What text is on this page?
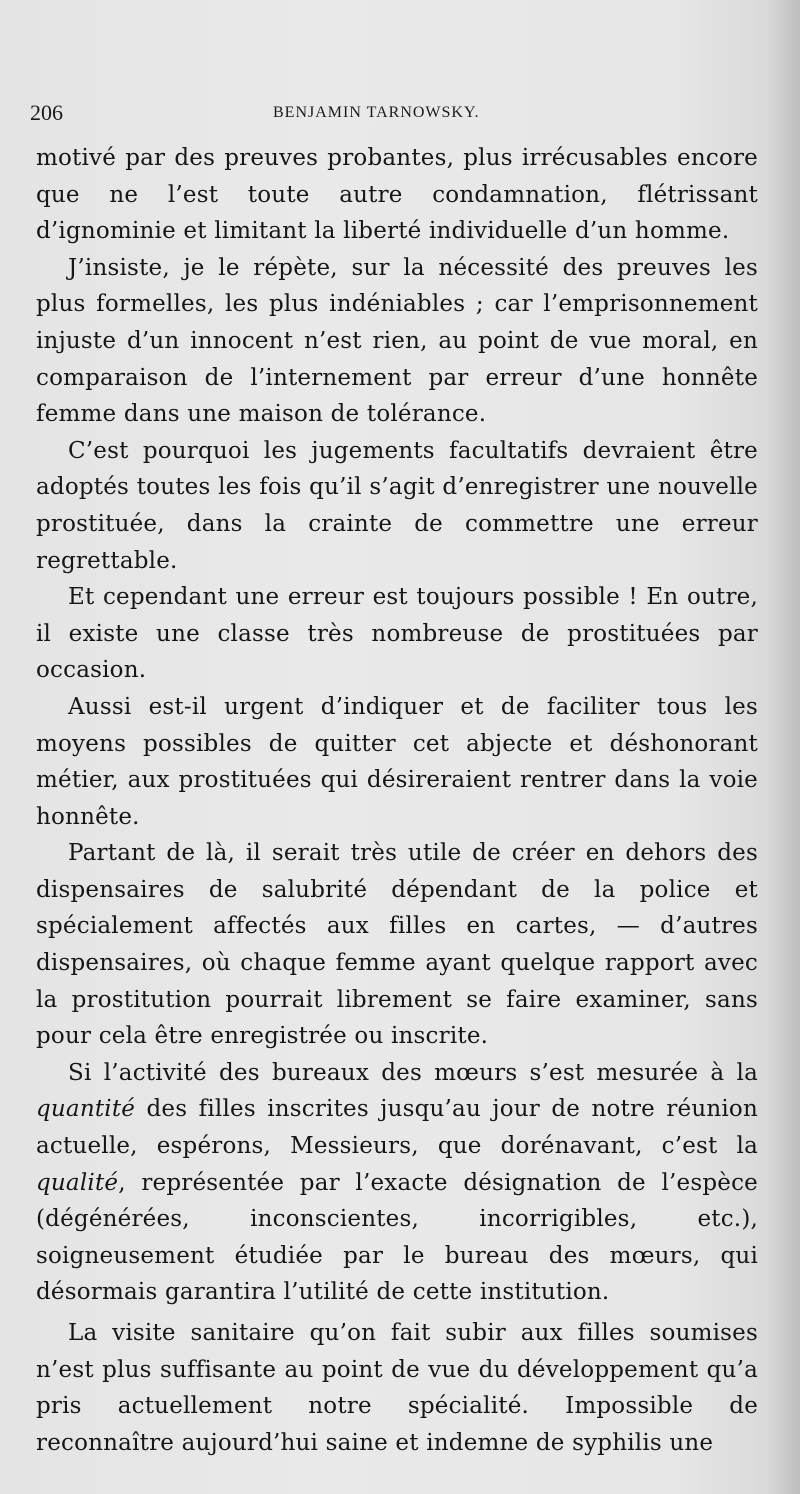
206	BENJAMIN TARNOWSKY.

motivé par des preuves probantes, plus irrécusables encore que ne l’est toute autre condamnation, flétrissant d’ignominie et limitant la liberté individuelle d’un homme.

J’insiste, je le répète, sur la nécessité des preuves les plus formelles, les plus indéniables ; car l’emprisonnement injuste d’un innocent n’est rien, au point de vue moral, en comparaison de l’internement par erreur d’une honnête femme dans une maison de tolérance.

C’est pourquoi les jugements facultatifs devraient être adoptés toutes les fois qu’il s’agit d’enregistrer une nouvelle prostituée, dans la crainte de commettre une erreur regrettable.

Et cependant une erreur est toujours possible ! En outre, il existe une classe très nombreuse de prostituées par occasion.

Aussi est-il urgent d’indiquer et de faciliter tous les moyens possibles de quitter cet abjecte et déshonorant métier, aux prostituées qui désireraient rentrer dans la voie honnête.

Partant de là, il serait très utile de créer en dehors des dispensaires de salubrité dépendant de la police et spécialement affectés aux filles en cartes, — d’autres dispensaires, où chaque femme ayant quelque rapport avec la prostitution pourrait librement se faire examiner, sans pour cela être enregistrée ou inscrite.

Si l’activité des bureaux des mœurs s’est mesurée à la quantité des filles inscrites jusqu’au jour de notre réunion actuelle, espérons, Messieurs, que dorénavant, c’est la qualité, représentée par l’exacte désignation de l’espèce (dégénérées, inconscientes, incorrigibles, etc.), soigneusement étudiée par le bureau des mœurs, qui désormais garantira l’utilité de cette institution.

La visite sanitaire qu’on fait subir aux filles soumises n’est plus suffisante au point de vue du développement qu’a pris actuellement notre spécialité. Impossible de reconnaître aujourd’hui saine et indemne de syphilis une
